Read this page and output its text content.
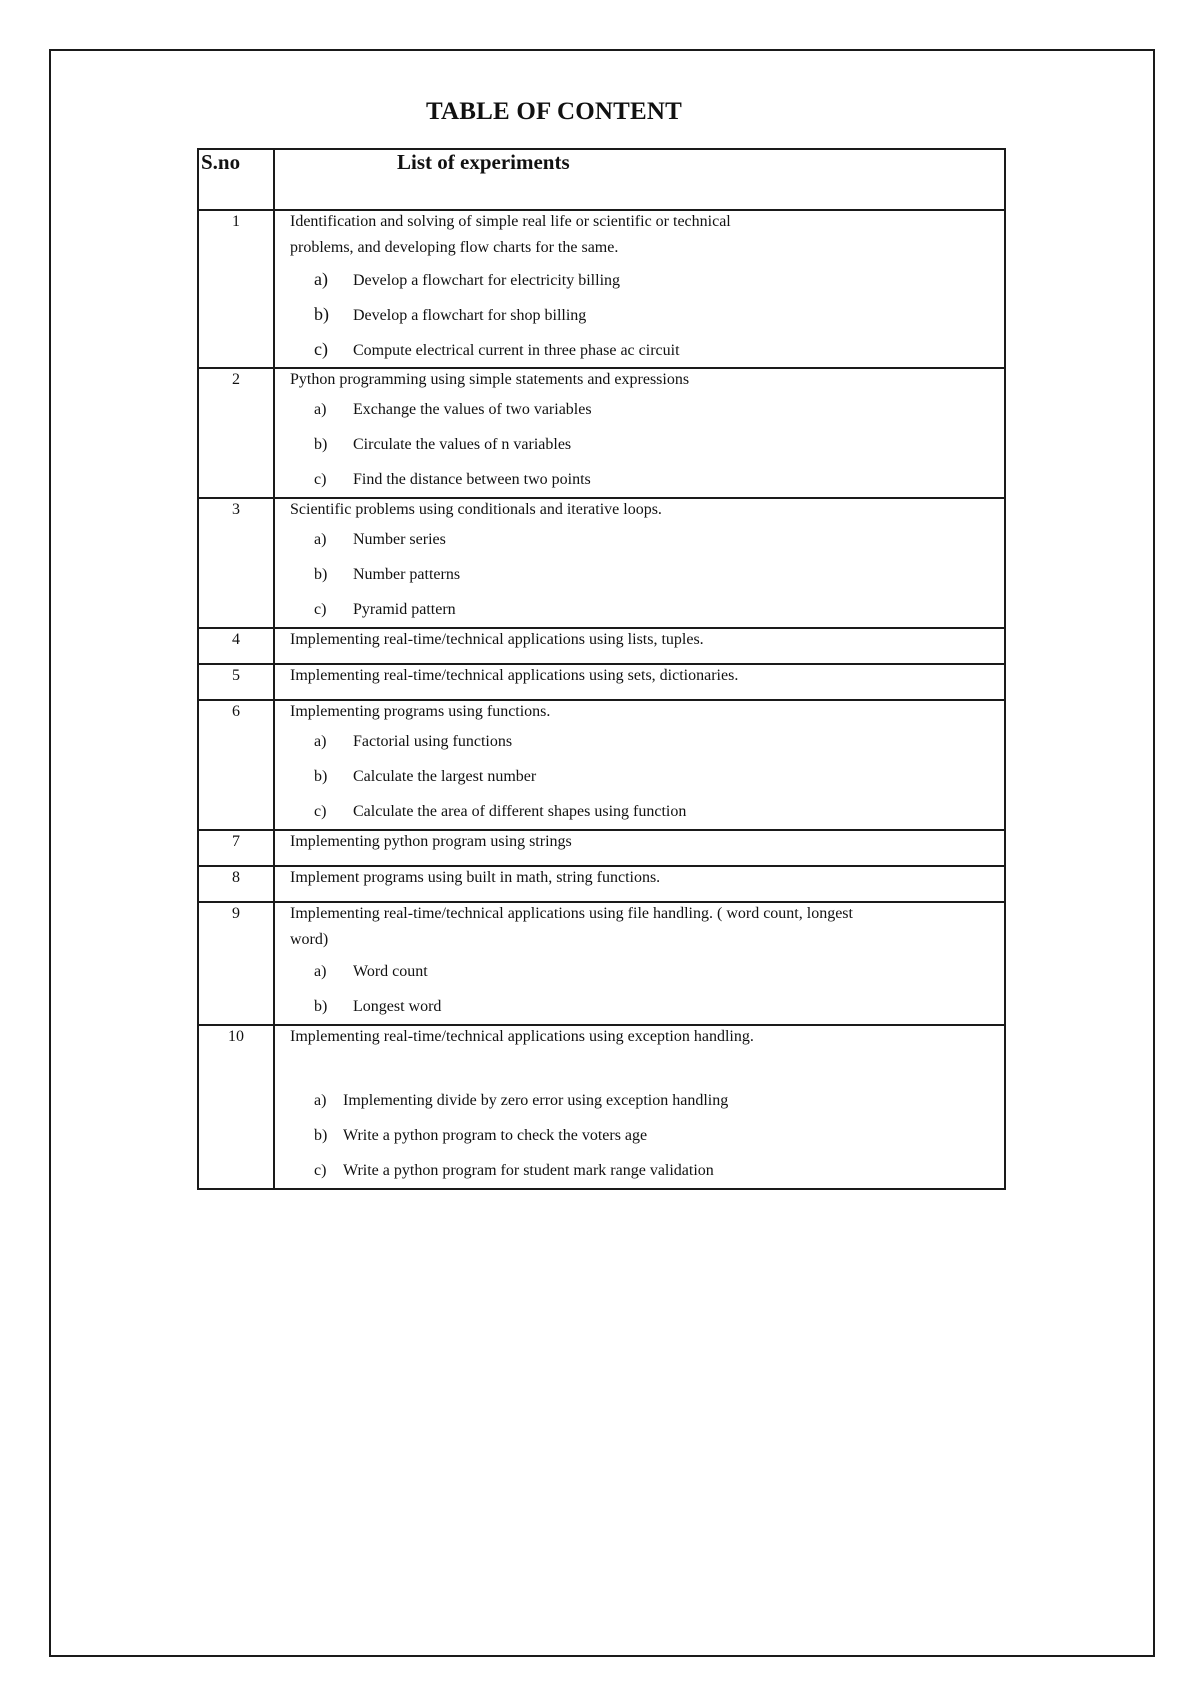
TABLE OF CONTENT
S.no	List of experiments
1	Identification and solving of simple real life or scientific or technical
problems, and developing flow charts for the same.
a) Develop a flowchart for electricity billing
b) Develop a flowchart for shop billing
c) Compute electrical current in three phase ac circuit

2	Python programming using simple statements and expressions
a) Exchange the values of two variables
b) Circulate the values of n variables
c) Find the distance between two points

3	Scientific problems using conditionals and iterative loops.
a) Number series
b) Number patterns
c) Pyramid pattern

4	Implementing real-time/technical applications using lists, tuples.

5	Implementing real-time/technical applications using sets, dictionaries.

6	Implementing programs using functions.
a) Factorial using functions
b) Calculate the largest number
c) Calculate the area of different shapes using function

7	Implementing python program using strings

8	Implement programs using built in math, string functions.

9	Implementing real-time/technical applications using file handling. ( word count, longest
word)
a) Word count
b) Longest word

10	Implementing real-time/technical applications using exception handling.
a) Implementing divide by zero error using exception handling
b) Write a python program to check the voters age
c) Write a python program for student mark range validation
